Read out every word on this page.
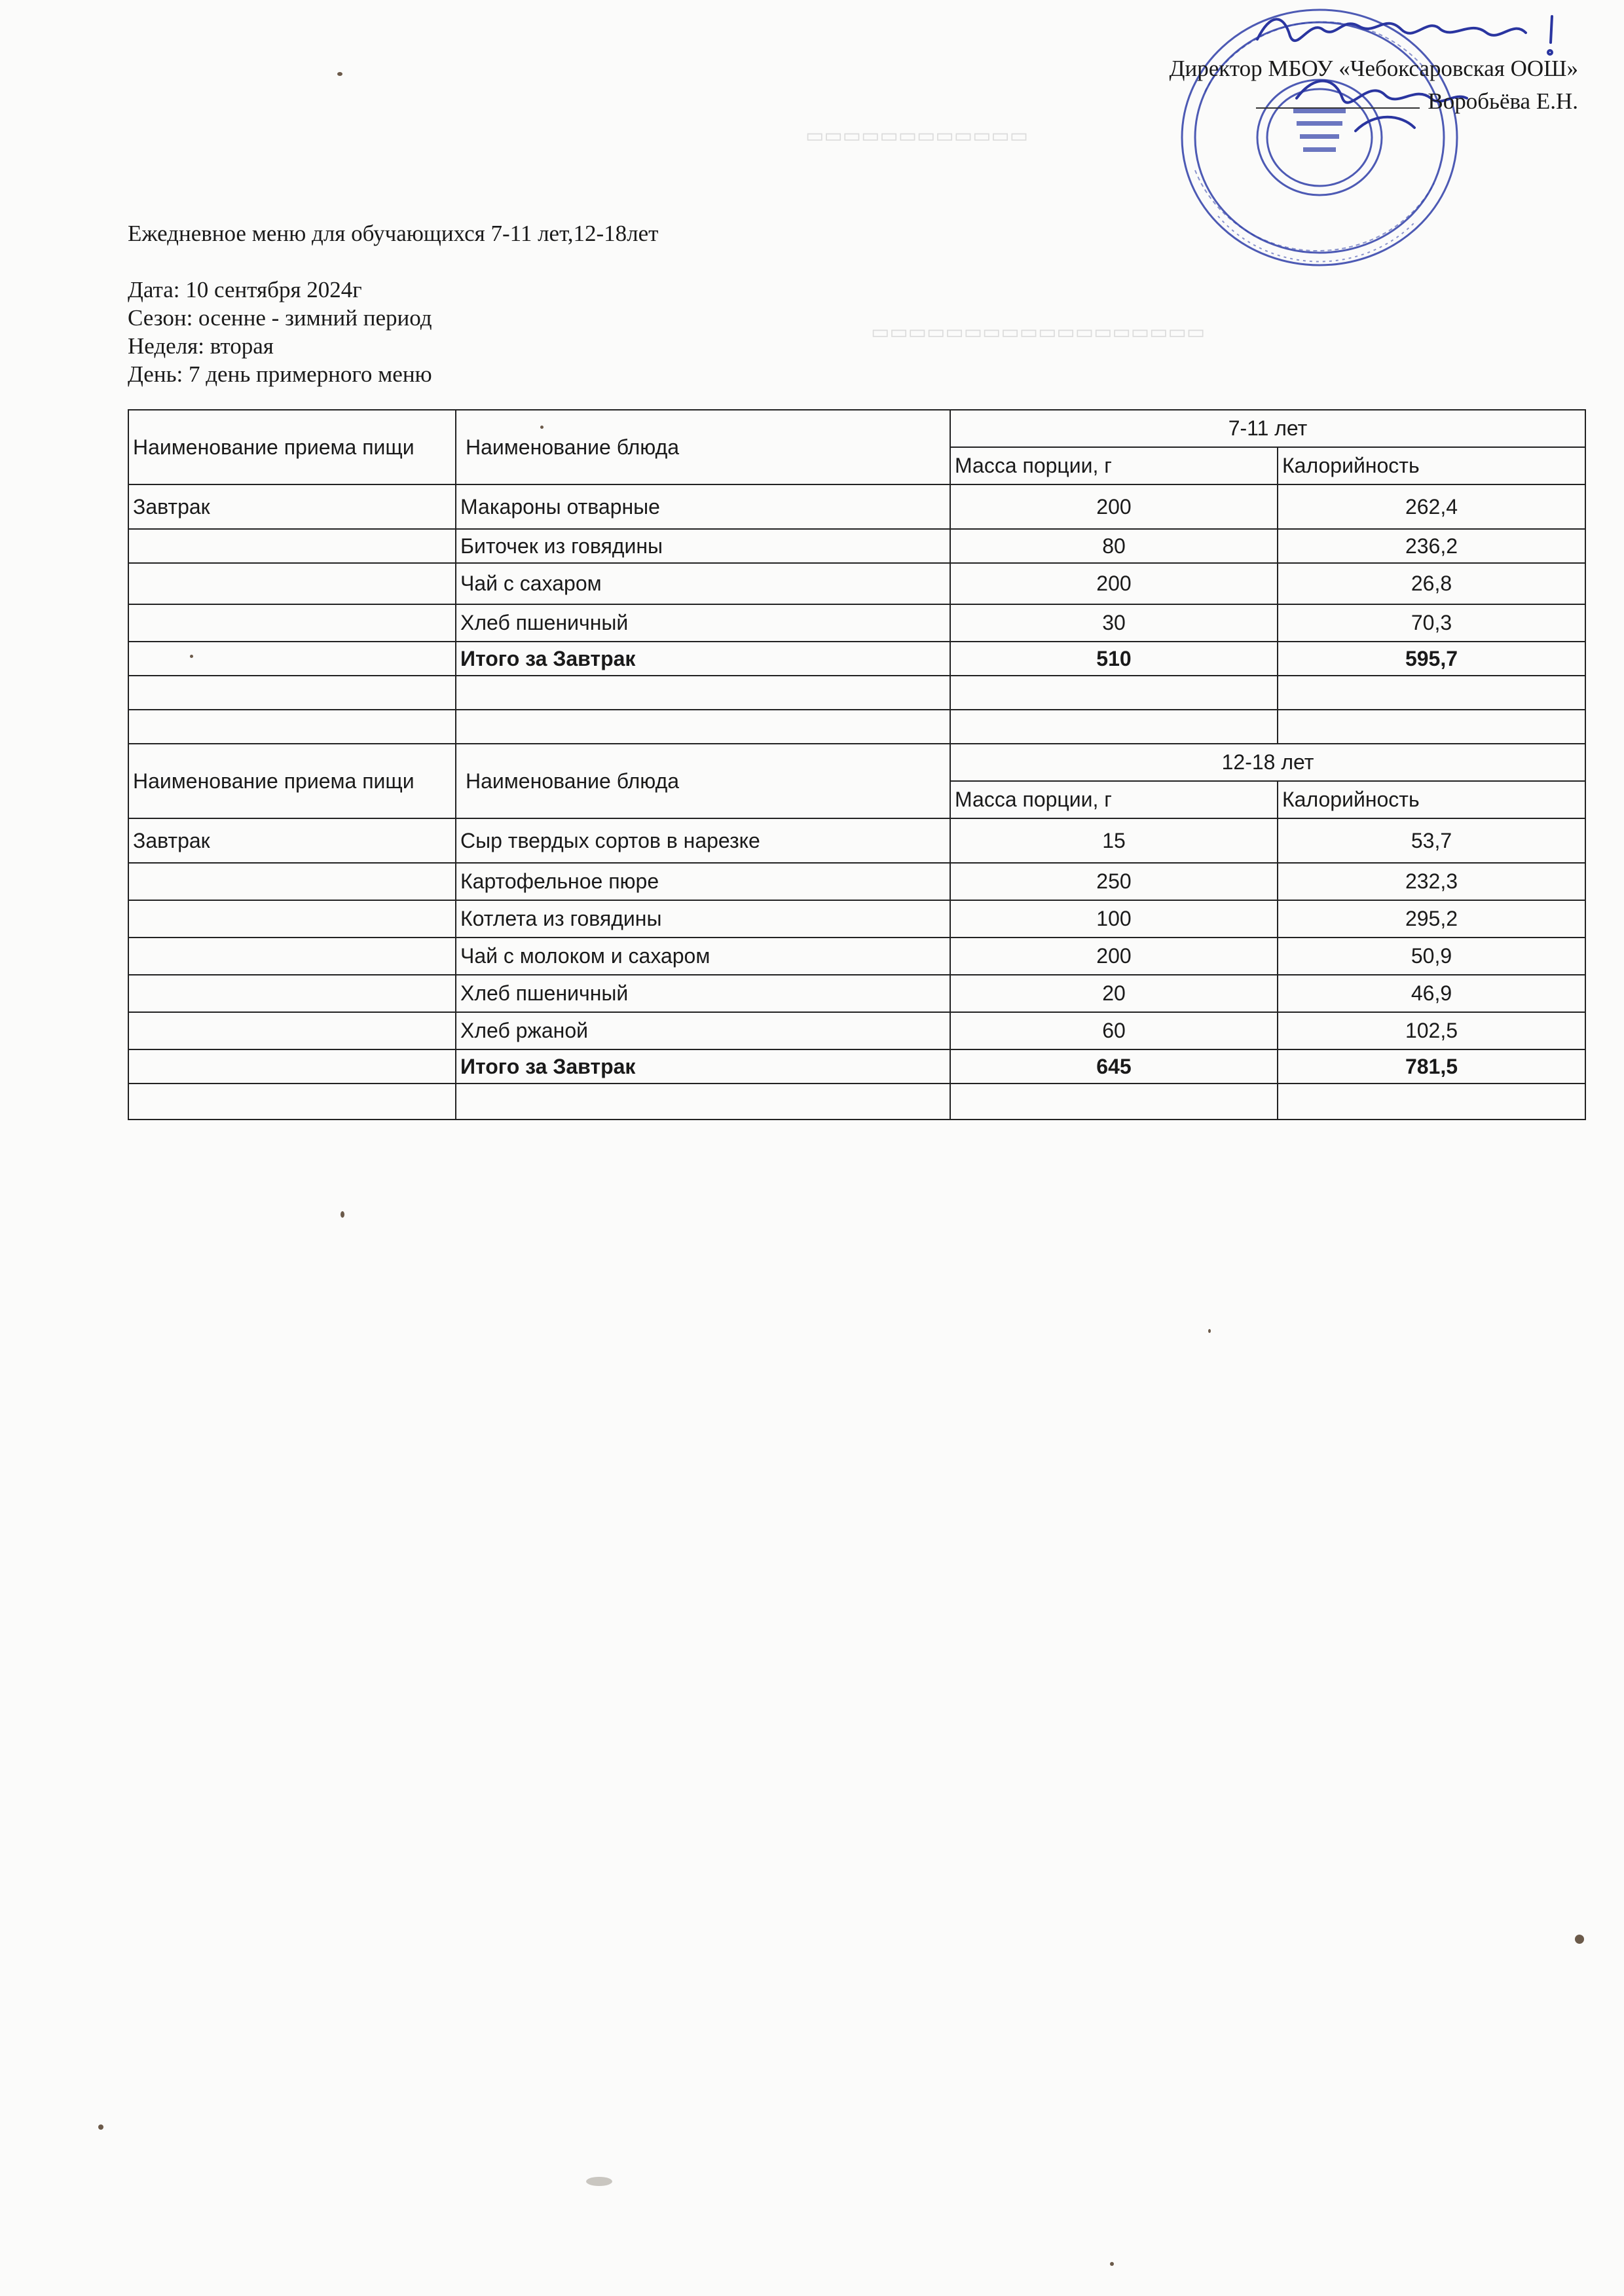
▭▭▭▭▭▭▭▭▭▭▭▭
▭▭▭▭▭▭▭▭▭▭▭▭▭▭▭▭▭▭
Директор МБОУ «Чебоксаровская ООШ»
Воробьёва Е.Н.
Ежедневное меню для обучающихся 7-11 лет,12-18лет
Дата: 10 сентября 2024г
Сезон: осенне - зимний период
Неделя: вторая
День: 7 день примерного меню
Наименование приема пищи	Наименование блюда	7-11 лет	
		Масса порции, г	Калорийность
Завтрак	Макароны отварные	200	262,4
	Биточек из говядины	80	236,2
	Чай с сахаром	200	26,8
	Хлеб пшеничный	30	70,3
	Итого за Завтрак	510	595,7

Наименование приема пищи	Наименование блюда	12-18 лет	
		Масса порции, г	Калорийность
Завтрак	Сыр твердых сортов в нарезке	15	53,7
	Картофельное пюре	250	232,3
	Котлета из говядины	100	295,2
	Чай с молоком и сахаром	200	50,9
	Хлеб пшеничный	20	46,9
	Хлеб ржаной	60	102,5
	Итого за Завтрак	645	781,5
